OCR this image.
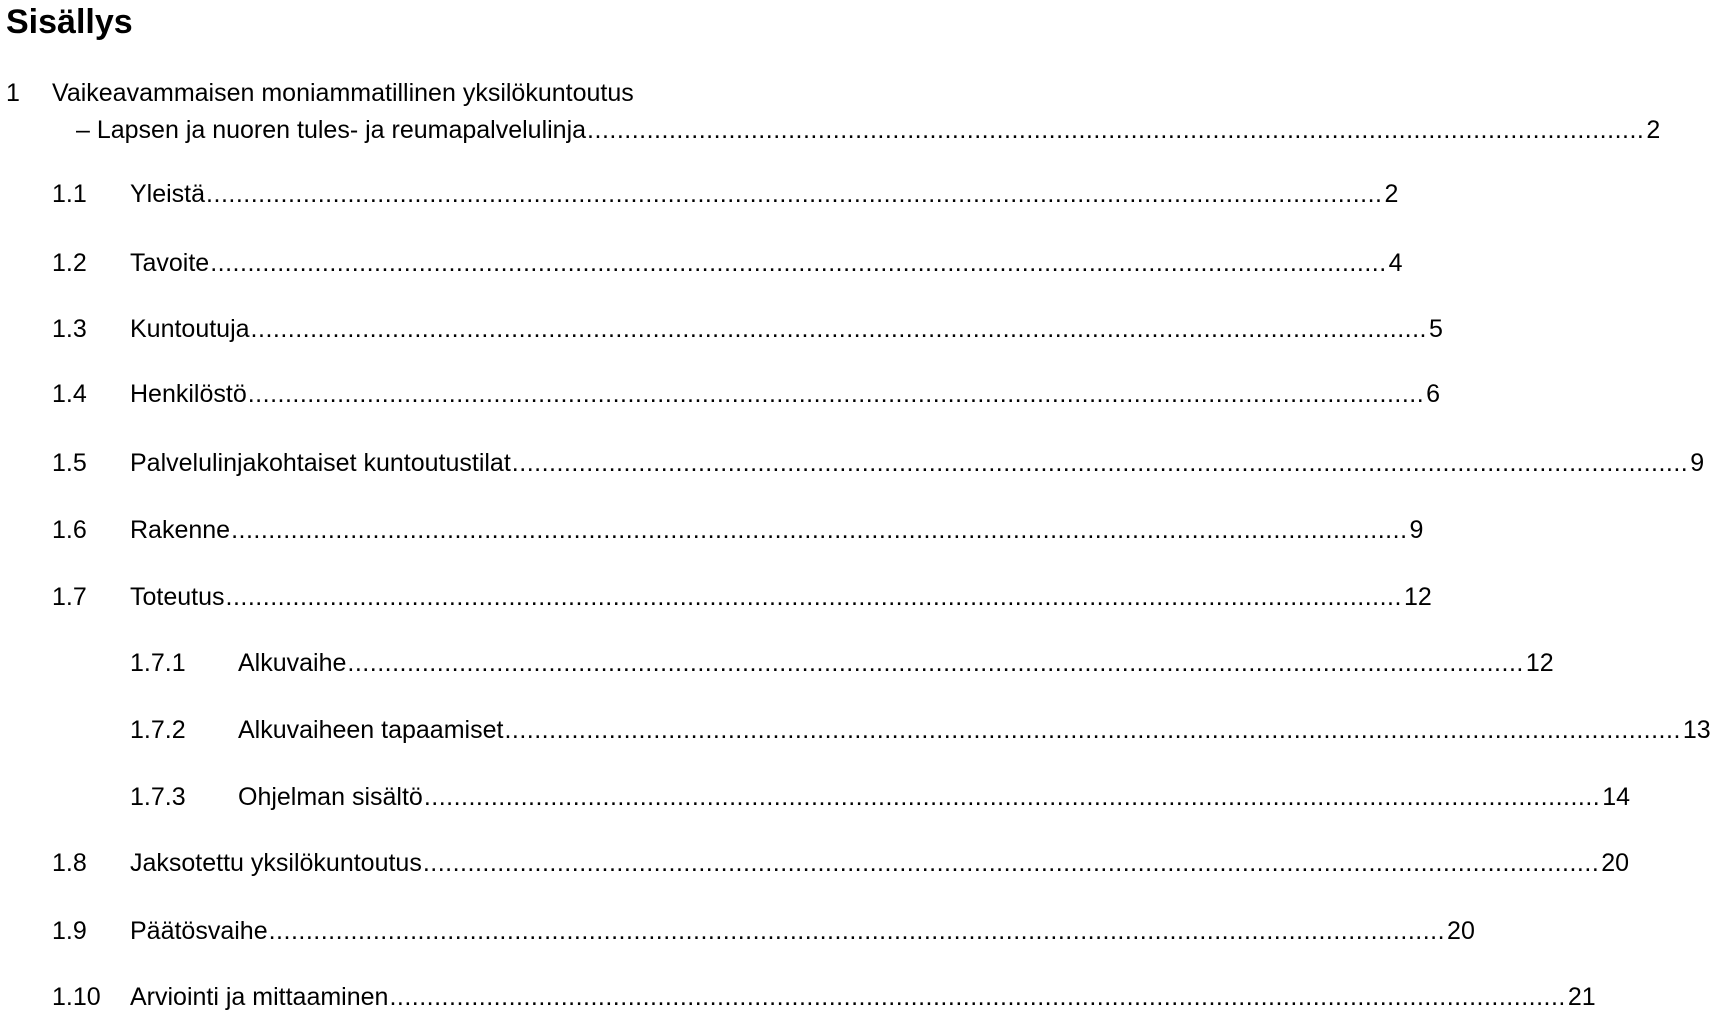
Sisällys
1 Vaikeavammaisen moniammatillinen yksilökuntoutus
– Lapsen ja nuoren tules- ja reumapalvelulinja .............................................................................................................................................. 2
1.1	Yleistä .............................................................................................................................................................. 2
1.2	Tavoite .............................................................................................................................................................. 4
1.3	Kuntoutuja .............................................................................................................................................................. 5
1.4	Henkilöstö .............................................................................................................................................................. 6
1.5	Palvelulinjakohtaiset kuntoutustilat .............................................................................................................................................................. 9
1.6	Rakenne .............................................................................................................................................................. 9
1.7	Toteutus .............................................................................................................................................................. 12
1.7.1	Alkuvaihe .............................................................................................................................................................. 12
1.7.2	Alkuvaiheen tapaamiset .............................................................................................................................................................. 13
1.7.3	Ohjelman sisältö .............................................................................................................................................................. 14
1.8	Jaksotettu yksilökuntoutus .............................................................................................................................................................. 20
1.9	Päätösvaihe .............................................................................................................................................................. 20
1.10	Arviointi ja mittaaminen .............................................................................................................................................................. 21
